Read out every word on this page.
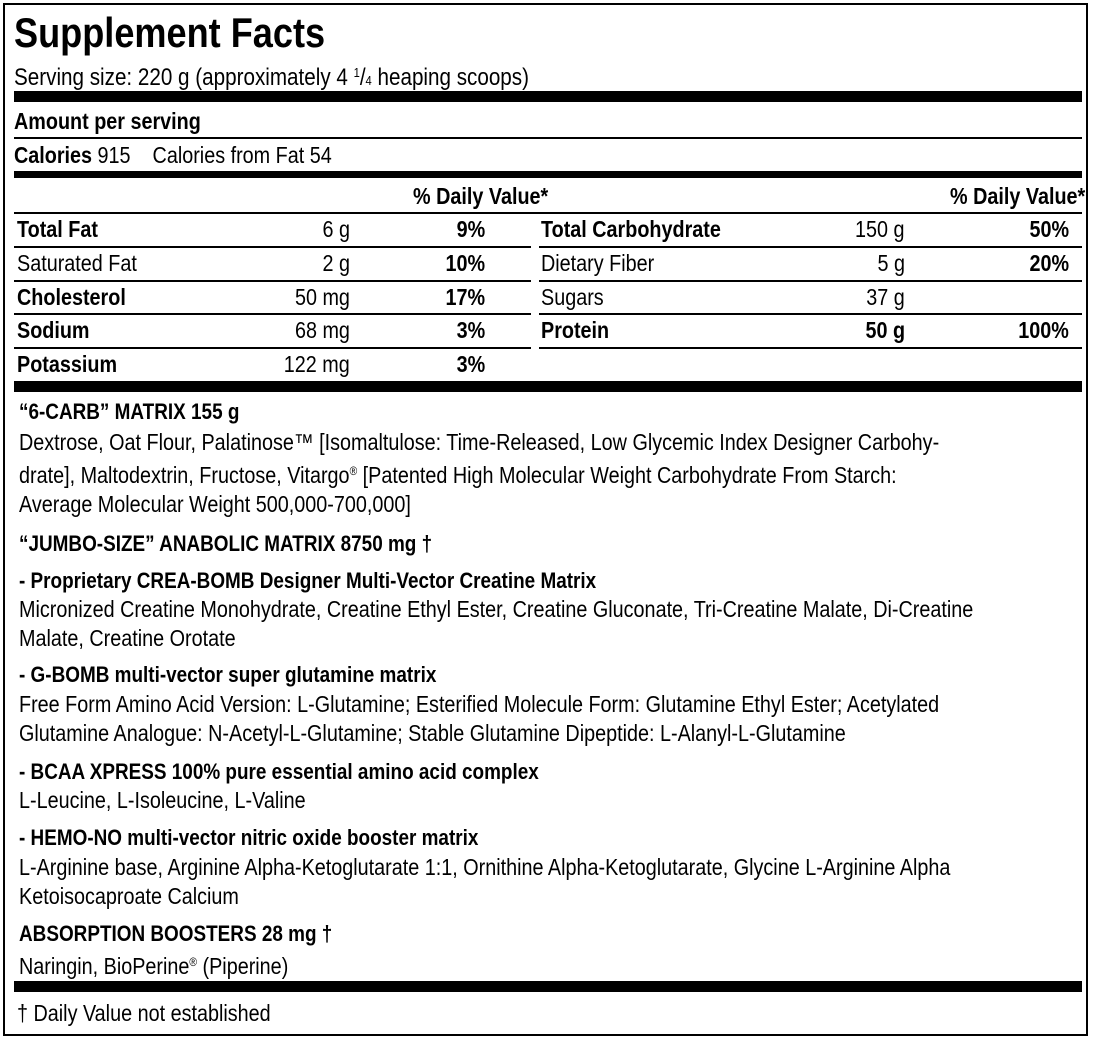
Supplement Facts
Serving size: 220 g (approximately 4 $^1$/4 heaping scoops)
Amount per serving
Calories 915 Calories from Fat 54
% Daily Value*	% Daily Value*
Total Fat	6 g	9%
Saturated Fat	2 g	10%
Cholesterol	50 mg	17%
Sodium	68 mg	3%
Potassium	122 mg	3%
Total Carbohydrate	150 g	50%
Dietary Fiber	5 g	20%
Sugars	37 g
Protein	50 g	100%
“6-CARB” MATRIX 155 g
Dextrose, Oat Flour, Palatinose™ [Isomaltulose: Time-Released, Low Glycemic Index Designer Carbohy-
drate], Maltodextrin, Fructose, Vitargo® [Patented High Molecular Weight Carbohydrate From Starch:
Average Molecular Weight 500,000-700,000]
“JUMBO-SIZE” ANABOLIC MATRIX 8750 mg †
- Proprietary CREA-BOMB Designer Multi-Vector Creatine Matrix
Micronized Creatine Monohydrate, Creatine Ethyl Ester, Creatine Gluconate, Tri-Creatine Malate, Di-Creatine
Malate, Creatine Orotate
- G-BOMB multi-vector super glutamine matrix
Free Form Amino Acid Version: L-Glutamine; Esterified Molecule Form: Glutamine Ethyl Ester; Acetylated
Glutamine Analogue: N-Acetyl-L-Glutamine; Stable Glutamine Dipeptide: L-Alanyl-L-Glutamine
- BCAA XPRESS 100% pure essential amino acid complex
L-Leucine, L-Isoleucine, L-Valine
- HEMO-NO multi-vector nitric oxide booster matrix
L-Arginine base, Arginine Alpha-Ketoglutarate 1:1, Ornithine Alpha-Ketoglutarate, Glycine L-Arginine Alpha
Ketoisocaproate Calcium
ABSORPTION BOOSTERS 28 mg †
Naringin, BioPerine® (Piperine)
† Daily Value not established
